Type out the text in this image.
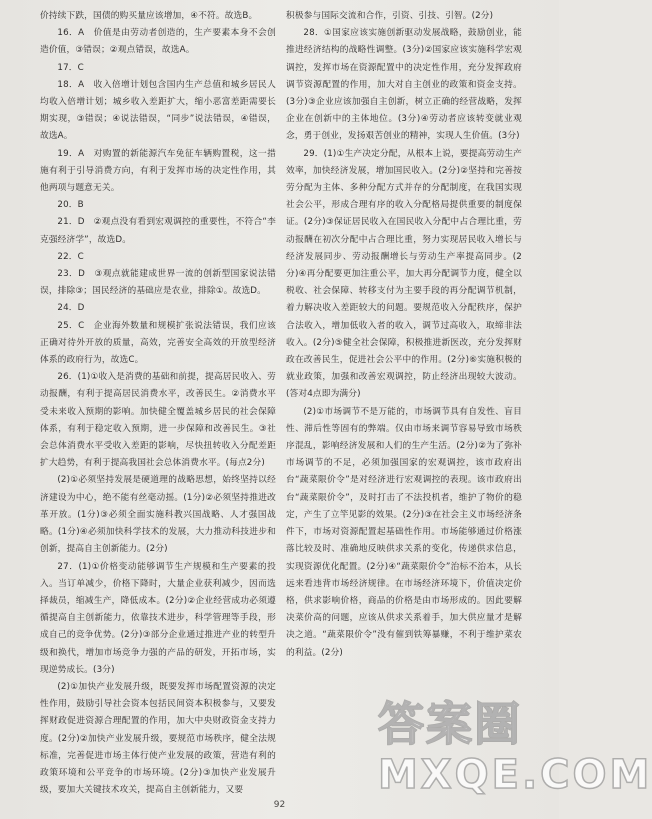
价持续下跌，国债的购买量应该增加，④不符。故选B。

16．A　价值是由劳动者创造的，生产要素本身不会创造价值，③错误；②观点错误，故选A。

17．C

18．A　收入倍增计划包含国内生产总值和城乡居民人均收入倍增计划；城乡收入差距扩大，缩小恶富差距需要长期实现，③错误；④说法错误，“同步”说法错误，④错误，故选A。

19．A　对购置的新能源汽车免征车辆购置税，这一措施有利于引导消费方向，有利于发挥市场的决定性作用，其他两项与题意无关。

20．B

21．D　②观点没有看到宏观调控的重要性，不符合“李克强经济学”，故选D。

22．C

23．D　③观点就能建成世界一流的创新型国家说法错误，排除③；国民经济的基础应是农业，排除①。故选D。

24．D

25．C　企业海外数量和规模扩张说法错误，我们应该正确对待外开放的质量，高效，完善安全高效的开放型经济体系的政府行为，故选C。

26．(1)①收入是消费的基础和前提，提高居民收入、劳动报酬，有利于提高居民消费水平，改善民生。②消费水平受未来收入预期的影响。加快健全覆盖城乡居民的社会保障体系，有利于稳定收入预期，进一步保障和改善民生。③社会总体消费水平受收入差距的影响，尽快扭转收入分配差距扩大趋势，有利于提高我国社会总体消费水平。(每点2分)

(2)①必须坚持发展是硬道理的战略思想，始终坚持以经济建设为中心，绝不能有丝毫动摇。(1分)②必须坚持推进改革开放。(1分)③必须全面实施科教兴国战略、人才强国战略。(1分)④必须加快科学技术的发展，大力推动科技进步和创新，提高自主创新能力。(2分)

27．(1)①价格变动能够调节生产规模和生产要素的投入。当订单减少，价格下降时，大量企业获利减少，因而选择裁员，缩减生产，降低成本。(2分)②企业经营成功必须遵循提高自主创新能力，依靠技术进步，科学管理等手段，形成自己的竞争优势。(2分)③部分企业通过推进产业的转型升级和换代，增加市场竞争力强的产品的研发，开拓市场，实现逆势成长。(3分)

(2)①加快产业发展升级，既要发挥市场配置资源的决定性作用，鼓励引导社会资本包括民间资本积极参与，又要发挥财政促进资源合理配置的作用，加大中央财政资金支持力度。(2分)②加快产业发展升级，要规范市场秩序，健全法规标准，完善促进市场主体行使产业发展的政策，营造有利的政策环境和公平竞争的市场环境。(2分)③加快产业发展升级，要加大关键技术攻关，提高自主创新能力，又要

积极参与国际交流和合作，引资、引技、引智。(2分)

28．①国家应该实施创新驱动发展战略，鼓励创业，能推进经济结构的战略性调整。(3分)②国家应该实施科学宏观调控，发挥市场在资源配置中的决定性作用，充分发挥政府调节资源配置的作用，加大对自主创业的政策和资金支持。(3分)③企业应该加强自主创新，树立正确的经营战略，发挥企业在创新中的主体地位。(3分)④劳动者应该转变就业观念，勇于创业，发扬艰苦创业的精神，实现人生价值。(3分)

29．(1)①生产决定分配，从根本上说，要提高劳动生产效率，加快经济发展，增加国民收入。(2分)②坚持和完善按劳分配为主体、多种分配方式并存的分配制度，在我国实现社会公平，形成合理有序的收入分配格局提供重要的制度保证。(2分)③保证居民收入在国民收入分配中占合理比重，劳动报酬在初次分配中占合理比重，努力实现居民收入增长与经济发展同步、劳动报酬增长与劳动生产率提高同步。(2分)④再分配要更加注重公平，加大再分配调节力度，健全以税收、社会保障、转移支付为主要手段的再分配调节机制，着力解决收入差距较大的问题。要规范收入分配秩序，保护合法收入，增加低收入者的收入，调节过高收入，取缔非法收入。(2分)⑤健全社会保障，积极推进新医改，充分发挥财政在改善民生，促进社会公平中的作用。(2分)⑥实施积极的就业政策，加强和改善宏观调控，防止经济出现较大波动。(答对4点即为满分)

(2)①市场调节不是万能的，市场调节具有自发性、盲目性、滞后性等固有的弊端。仅由市场来调节容易导致市场秩序混乱，影响经济发展和人们的生产生活。(2分)②为了弥补市场调节的不足，必须加强国家的宏观调控，该市政府出台“蔬菜限价令”是对经济进行宏观调控的表现。该市政府出台“蔬菜限价令”，及时打击了不法投机者，维护了物价的稳定，产生了立竿见影的效果。(2分)③在社会主义市场经济条件下，市场对资源配置起基础性作用。市场能够通过价格涨落比较及时、准确地反映供求关系的变化，传递供求信息，实现资源优化配置。(2分)④“蔬菜限价令”治标不治本，从长远来看违背市场经济规律。在市场经济环境下，价值决定价格，供求影响价格，商品的价格是由市场形成的。因此要解决菜价高的问题，应该从供求关系着手，加大供应量才是解决之道。“蔬菜限价令”没有催到铁筹暴赚，不利于维护菜农的利益。(2分)

92
答案圈
MXQE.COM
